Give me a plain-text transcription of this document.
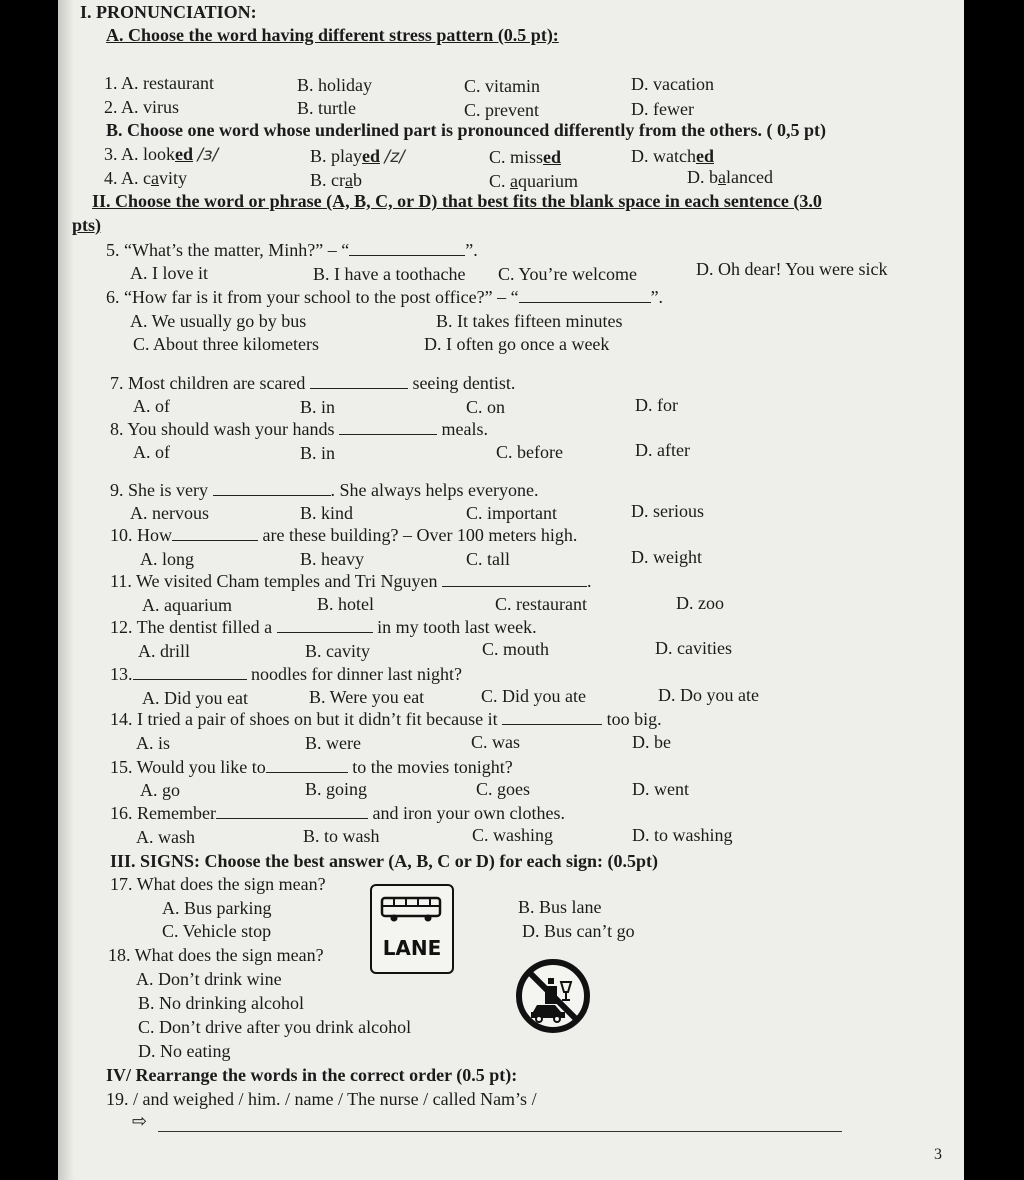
I. PRONUNCIATION:
A. Choose the word having different stress pattern (0.5 pt):
1. A. restaurant	B. holiday	C. vitamin	D. vacation
2. A. virus	B. turtle	C. prevent	D. fewer
B. Choose one word whose underlined part is pronounced differently from the others. ( 0,5 pt)
3. A. looked /ɜ/	B. played /z/	C. missed	D. watched
4. A. cavity	B. crab	C. aquarium	D. balanced
II. Choose the word or phrase (A, B, C, or D) that best fits the blank space in each sentence (3.0
pts)
5. “What’s the matter, Minh?” – “	”.
A. I love it	B. I have a toothache C. You’re welcome	D. Oh dear! You were sick
6. “How far is it from your school to the post office?” – “	”.
A. We usually go by bus	B. It takes fifteen minutes
C. About three kilometers	D. I often go once a week
7. Most children are scared	seeing dentist.
A. of	B. in	C. on	D. for
8. You should wash your hands	meals.
A. of	B. in	C. before	D. after
9. She is very	. She always helps everyone.
A. nervous	B. kind	C. important	D. serious
10. How	are these building? – Over 100 meters high.
A. long	B. heavy	C. tall	D. weight
11. We visited Cham temples and Tri Nguyen	.
A. aquarium	B. hotel	C. restaurant	D. zoo
12. The dentist filled a	in my tooth last week.
A. drill	B. cavity	C. mouth	D. cavities
13.	noodles for dinner last night?
A. Did you eat	B. Were you eat	C. Did you ate	D. Do you ate
14. I tried a pair of shoes on but it didn’t fit because it	too big.
A. is	B. were	C. was	D. be
15. Would you like to	to the movies tonight?
A. go	B. going	C. goes	D. went
16. Remember	and iron your own clothes.
A. wash	B. to wash	C. washing	D. to washing
III. SIGNS: Choose the best answer (A, B, C or D) for each sign: (0.5pt)
17. What does the sign mean?
A. Bus parking	B. Bus lane
C. Vehicle stop	D. Bus can’t go
LANE
18. What does the sign mean?
A. Don’t drink wine
B. No drinking alcohol
C. Don’t drive after you drink alcohol
D. No eating
IV/ Rearrange the words in the correct order (0.5 pt):
19. / and weighed / him. / name / The nurse / called Nam’s /
⇨
3
